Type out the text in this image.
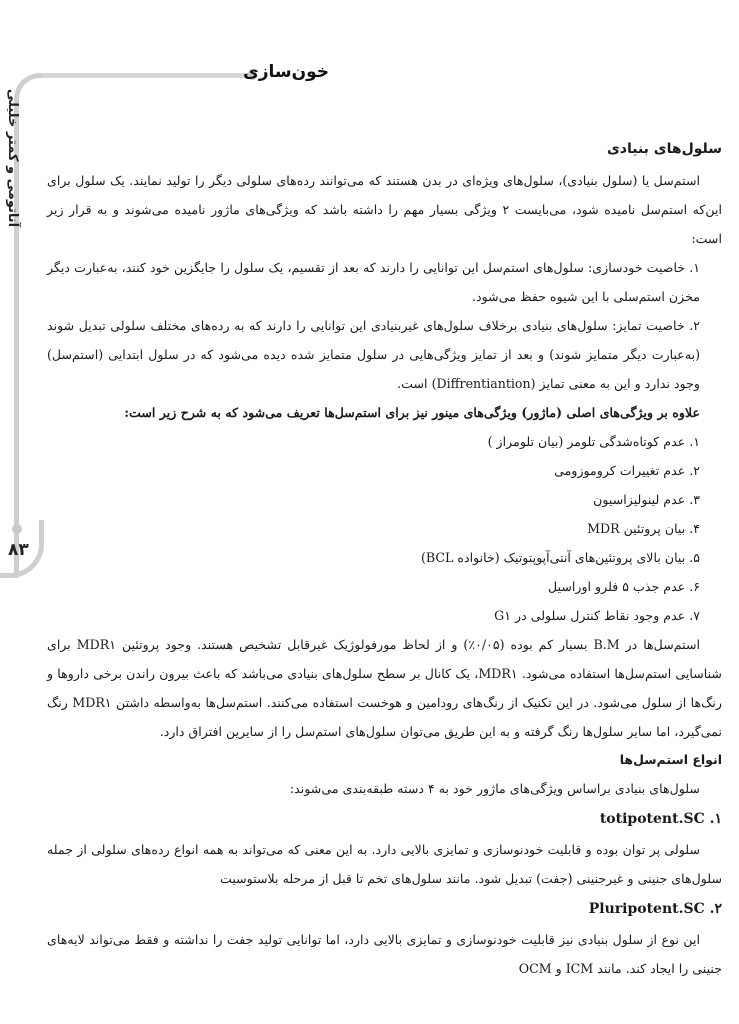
خون‌سازی
آناتومی و کمتر خلیلی
۸۳
سلول‌های بنیادی

استم‌سل یا (سلول بنیادی)، سلول‌های ویژه‌ای در بدن هستند که می‌توانند رده‌های سلولی دیگر را تولید نمایند. یک سلول برای این‌که استم‌سل نامیده شود، می‌بایست ۲ ویژگی بسیار مهم را داشته باشد که ویژگی‌های ماژور نامیده می‌شوند و به قرار زیر است:

۱. خاصیت خودسازی: سلول‌های استم‌سل این توانایی را دارند که بعد از تقسیم، یک سلول را جایگزین خود کنند، به‌عبارت دیگر مخزن استم‌سلی با این شیوه حفظ می‌شود.
۲. خاصیت تمایز: سلول‌های بنیادی برخلاف سلول‌های غیربنیادی این توانایی را دارند که به رده‌های مختلف سلولی تبدیل شوند (به‌عبارت دیگر متمایز شوند) و بعد از تمایز ویژگی‌هایی در سلول متمایز شده دیده می‌شود که در سلول ابتدایی (استم‌سل) وجود ندارد و این به معنی تمایز (Diffrentiantion) است.

علاوه بر ویژگی‌های اصلی (ماژور) ویژگی‌های مینور نیز برای استم‌سل‌ها تعریف می‌شود که به شرح زیر است:

۱. عدم کوتاه‌شدگی تلومر (بیان تلومراز )
۲. عدم تغییرات کروموزومی
۳. عدم لینولیزاسیون
۴. بیان پروتئین MDR
۵. بیان بالای پروتئین‌های آنتی‌آپوپتوتیک (خانواده BCL)
۶. عدم جذب ۵ فلرو اوراسیل
۷. عدم وجود نقاط کنترل سلولی در G۱

استم‌سل‌ها در B.M بسیار کم بوده (۰/۰۵٪) و از لحاظ مورفولوژیک غیرقابل تشخیص هستند. وجود پروتئین MDR۱ برای شناسایی استم‌سل‌ها استفاده می‌شود. MDR۱، یک کانال بر سطح سلول‌های بنیادی می‌باشد که باعث بیرون راندن برخی داروها و رنگ‌ها از سلول می‌شود. در این تکنیک از رنگ‌های رودامین و هوخست استفاده می‌کنند. استم‌سل‌ها به‌واسطه داشتن MDR۱ رنگ نمی‌گیرد، اما سایر سلول‌ها رنگ گرفته و به این طریق می‌توان سلول‌های استم‌سل را از سایرین افتراق دارد.

انواع استم‌سل‌ها

سلول‌های بنیادی براساس ویژگی‌های ماژور خود به ۴ دسته طبقه‌بندی می‌شوند:

۱. totipotent.SC

سلولی پر توان بوده و قابلیت خودنوسازی و تمایزی بالایی دارد. به این معنی که می‌تواند به همه انواع رده‌های سلولی از جمله سلول‌های جنینی و غیرجنینی (جفت) تبدیل شود. مانند سلول‌های تخم تا قبل از مرحله بلاستوسیت

۲. Pluripotent.SC

این نوع از سلول بنیادی نیز قابلیت خودنوسازی و تمایزی بالایی دارد، اما توانایی تولید جفت را نداشته و فقط می‌تواند لایه‌های جنینی را ایجاد کند. مانند ICM و OCM
